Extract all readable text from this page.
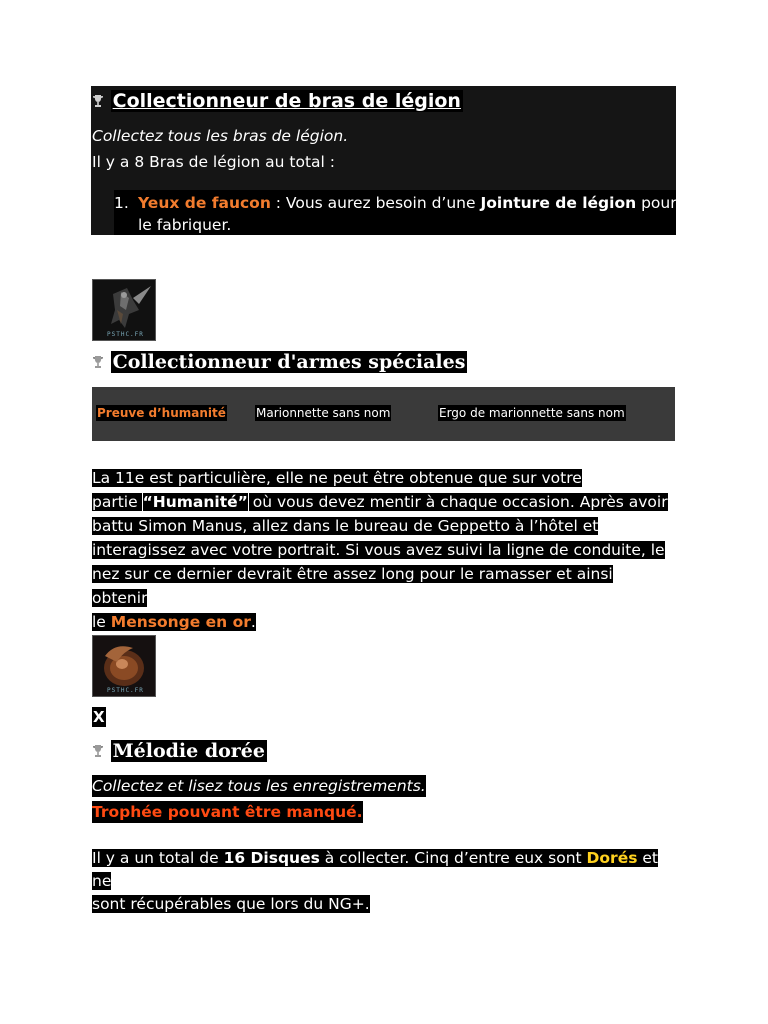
Collectionneur de bras de légion
Collectez tous les bras de légion.
Il y a 8 Bras de légion au total :
1. Yeux de faucon : Vous aurez besoin d’une Jointure de légion pour le fabriquer.
PSTHC.FR
Collectionneur d'armes spéciales
Preuve d’humanité	Marionnette sans nom	Ergo de marionnette sans nom
La 11e est particulière, elle ne peut être obtenue que sur votre
partie “Humanité” où vous devez mentir à chaque occasion. Après avoir
battu Simon Manus, allez dans le bureau de Geppetto à l’hôtel et
interagissez avec votre portrait. Si vous avez suivi la ligne de conduite, le
nez sur ce dernier devrait être assez long pour le ramasser et ainsi obtenir
le Mensonge en or.
PSTHC.FR
X
Mélodie dorée
Collectez et lisez tous les enregistrements.
Trophée pouvant être manqué.
Il y a un total de 16 Disques à collecter. Cinq d’entre eux sont Dorés et ne
sont récupérables que lors du NG+.
